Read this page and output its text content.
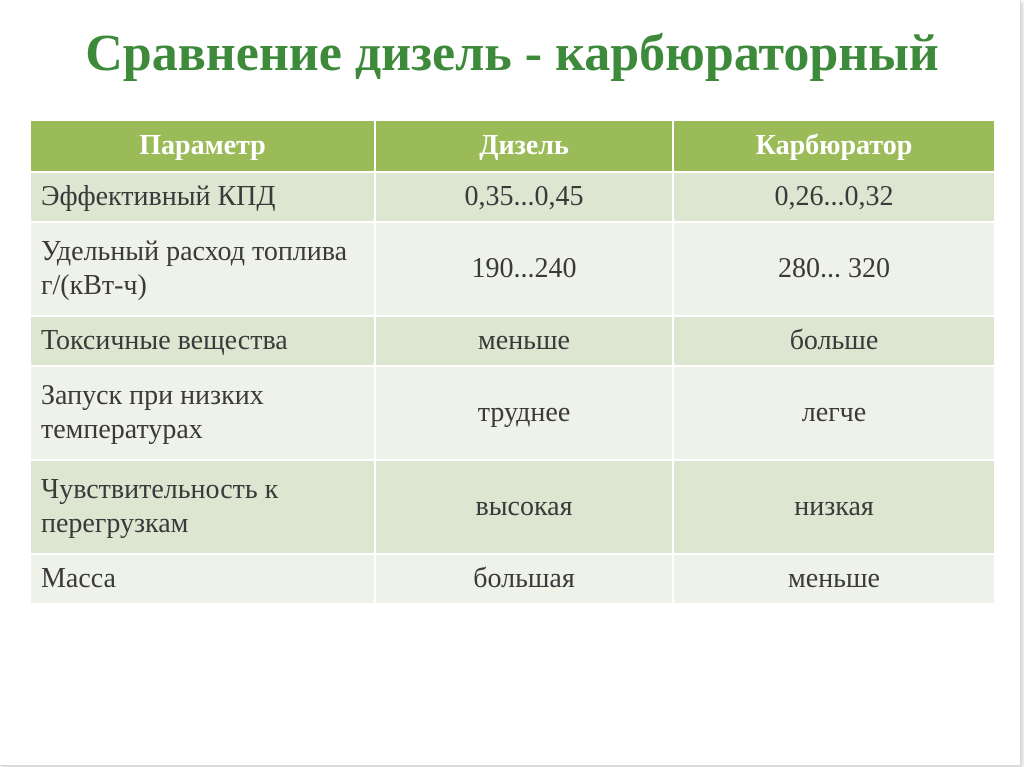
Сравнение дизель - карбюраторный
Параметр	Дизель	Карбюратор
Эффективный КПД	0,35...0,45	0,26...0,32
Удельный расход топлива г/(кВт-ч)	190...240	280... 320
Токсичные вещества	меньше	больше
Запуск при низких температурах	труднее	легче
Чувствительность к перегрузкам	высокая	низкая
Масса	большая	меньше
